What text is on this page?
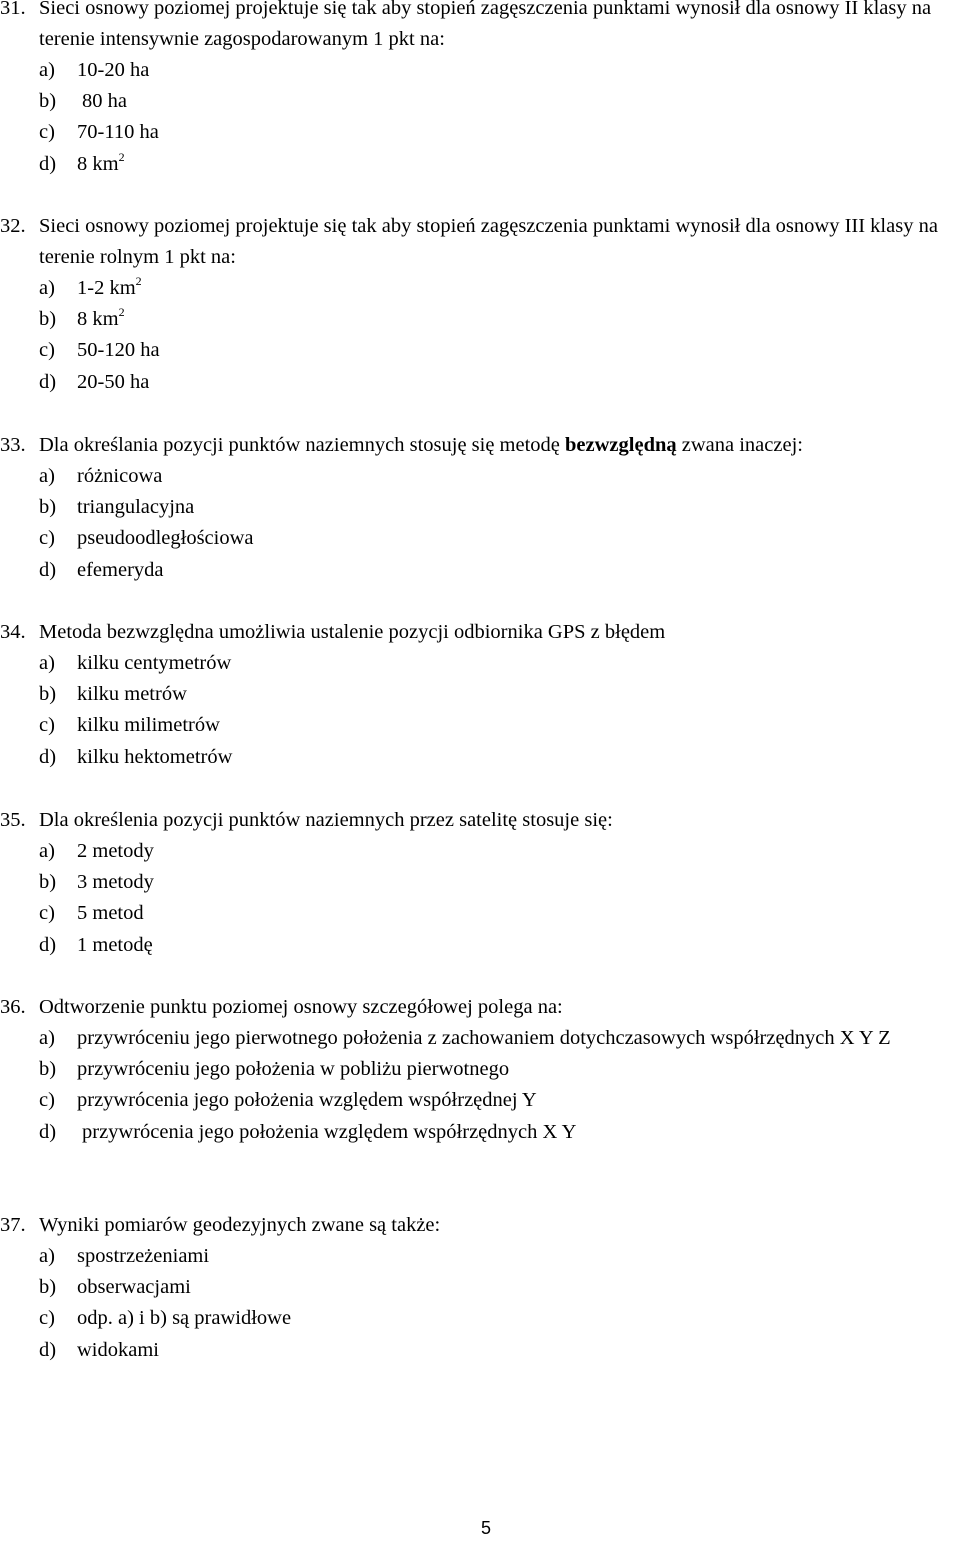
31. Sieci osnowy poziomej projektuje się tak aby stopień zagęszczenia punktami wynosił dla osnowy II klasy na terenie intensywnie zagospodarowanym 1 pkt na:
a)	10-20 ha
b)	80 ha
c)	70-110 ha
d)	8 $km^2$
32. Sieci osnowy poziomej projektuje się tak aby stopień zagęszczenia punktami wynosił dla osnowy III klasy na terenie rolnym 1 pkt na:
a)	1-2 $km^2$
b)	8 $km^2$
c)	50-120 ha
d)	20-50 ha
33. Dla określania pozycji punktów naziemnych stosuję się metodę bezwzględną zwana inaczej:
a)	różnicowa
b)	triangulacyjna
c)	pseudoodległościowa
d)	efemeryda
34. Metoda bezwzględna umożliwia ustalenie pozycji odbiornika GPS z błędem
a)	kilku centymetrów
b)	kilku metrów
c)	kilku milimetrów
d)	kilku hektometrów
35. Dla określenia pozycji punktów naziemnych przez satelitę stosuje się:
a)	2 metody
b)	3 metody
c)	5 metod
d)	1 metodę
36. Odtworzenie punktu poziomej osnowy szczegółowej polega na:
a)	przywróceniu jego pierwotnego położenia z zachowaniem dotychczasowych współrzędnych X Y Z
b)	przywróceniu jego położenia w pobliżu pierwotnego
c)	przywrócenia jego położenia względem współrzędnej Y
d)	przywrócenia jego położenia względem współrzędnych X Y
37. Wyniki pomiarów geodezyjnych zwane są także:
a)	spostrzeżeniami
b)	obserwacjami
c)	odp. a) i b) są prawidłowe
d)	widokami
5
